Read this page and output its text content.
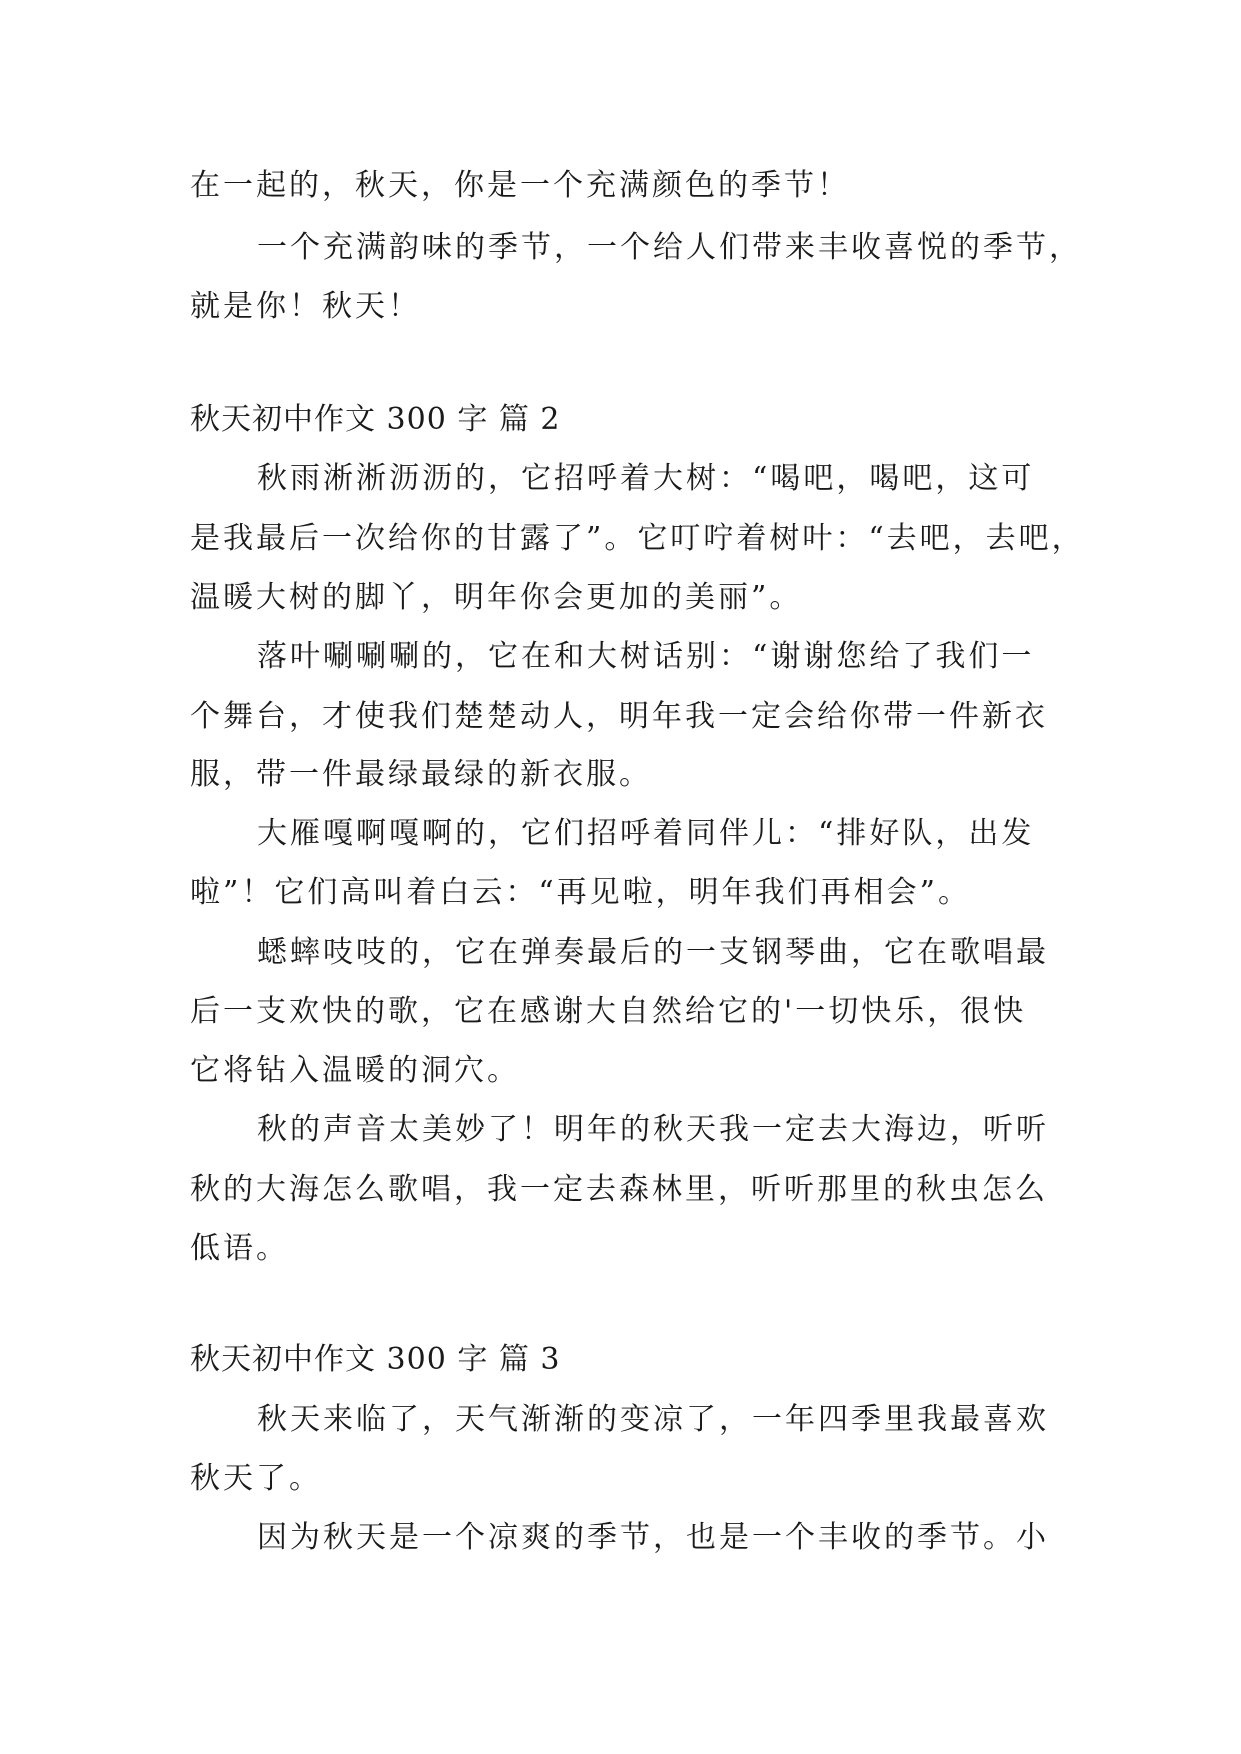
在一起的，秋天，你是一个充满颜色的季节！
一个充满韵味的季节，一个给人们带来丰收喜悦的季节，
就是你！秋天！
秋天初中作文 300 字 篇 2
秋雨淅淅沥沥的，它招呼着大树：“喝吧，喝吧，这可
是我最后一次给你的甘露了”。它叮咛着树叶：“去吧，去吧，
温暖大树的脚丫，明年你会更加的美丽”。
落叶唰唰唰的，它在和大树话别：“谢谢您给了我们一
个舞台，才使我们楚楚动人，明年我一定会给你带一件新衣
服，带一件最绿最绿的新衣服。
大雁嘎啊嘎啊的，它们招呼着同伴儿：“排好队，出发
啦”！它们高叫着白云：“再见啦，明年我们再相会”。
蟋蟀吱吱的，它在弹奏最后的一支钢琴曲，它在歌唱最
后一支欢快的歌，它在感谢大自然给它的'一切快乐，很快
它将钻入温暖的洞穴。
秋的声音太美妙了！明年的秋天我一定去大海边，听听
秋的大海怎么歌唱，我一定去森林里，听听那里的秋虫怎么
低语。
秋天初中作文 300 字 篇 3
秋天来临了，天气渐渐的变凉了，一年四季里我最喜欢
秋天了。
因为秋天是一个凉爽的季节，也是一个丰收的季节。小
